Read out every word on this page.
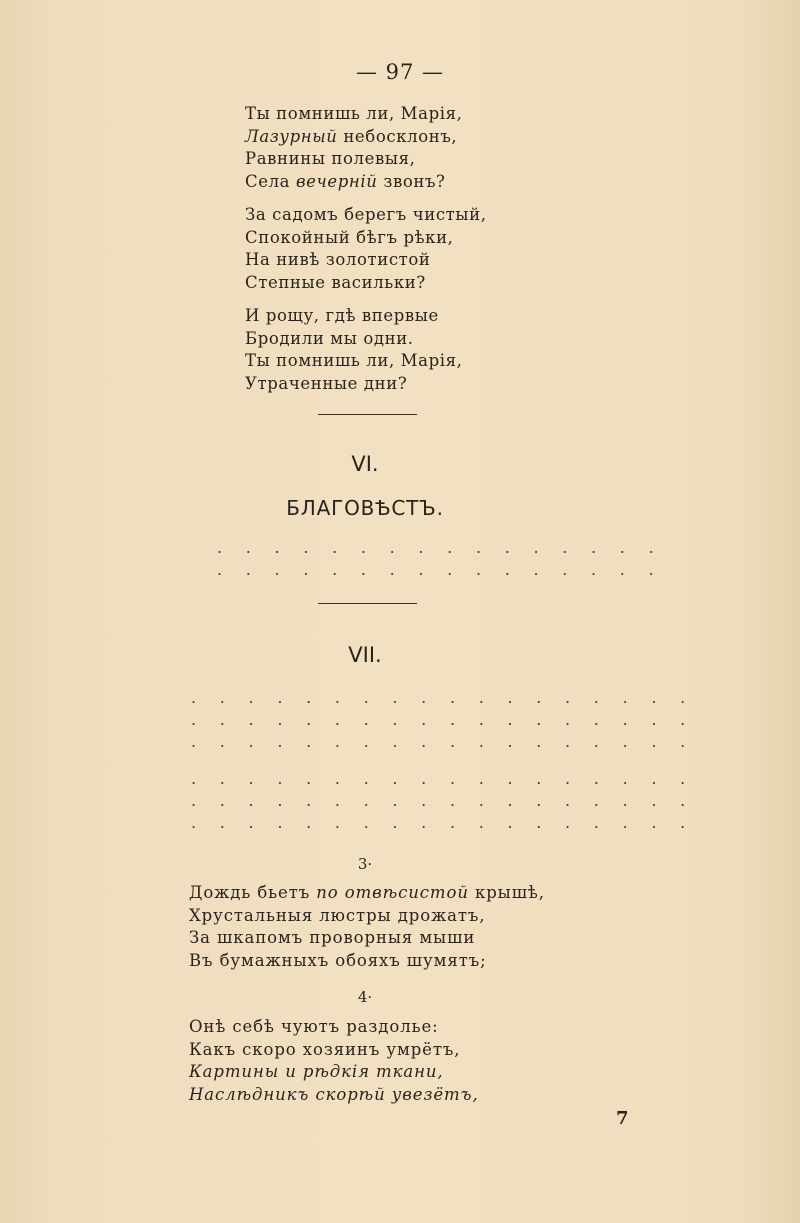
— 97 —
Ты помнишь ли, Марія,
Лазурный небосклонъ,
Равнины полевыя,
Села вечерній звонъ?
За садомъ берегъ чистый,
Спокойный бѣгъ рѣки,
На нивѣ золотистой
Степные васильки?
И рощу, гдѣ впервые
Бродили мы одни.
Ты помнишь ли, Марія,
Утраченные дни?
VI.
БЛАГОВѢСТЪ.
. . . . . . . . . . . . . . . .
. . . . . . . . . . . . . . . .
VII.
. . . . . . . . . . . . . . . . . .
. . . . . . . . . . . . . . . . . .
. . . . . . . . . . . . . . . . . .
. . . . . . . . . . . . . . . . . .
. . . . . . . . . . . . . . . . . .
. . . . . . . . . . . . . . . . . .
3·
Дождь бьетъ по отвѣсистой крышѣ,
Хрустальныя люстры дрожатъ,
За шкапомъ проворныя мыши
Въ бумажныхъ обояхъ шумятъ;
4·
Онѣ себѣ чуютъ раздолье:
Какъ скоро хозяинъ умрётъ,
Картины и рѣдкія ткани,
Наслѣдникъ скорѣй увезётъ,
7
